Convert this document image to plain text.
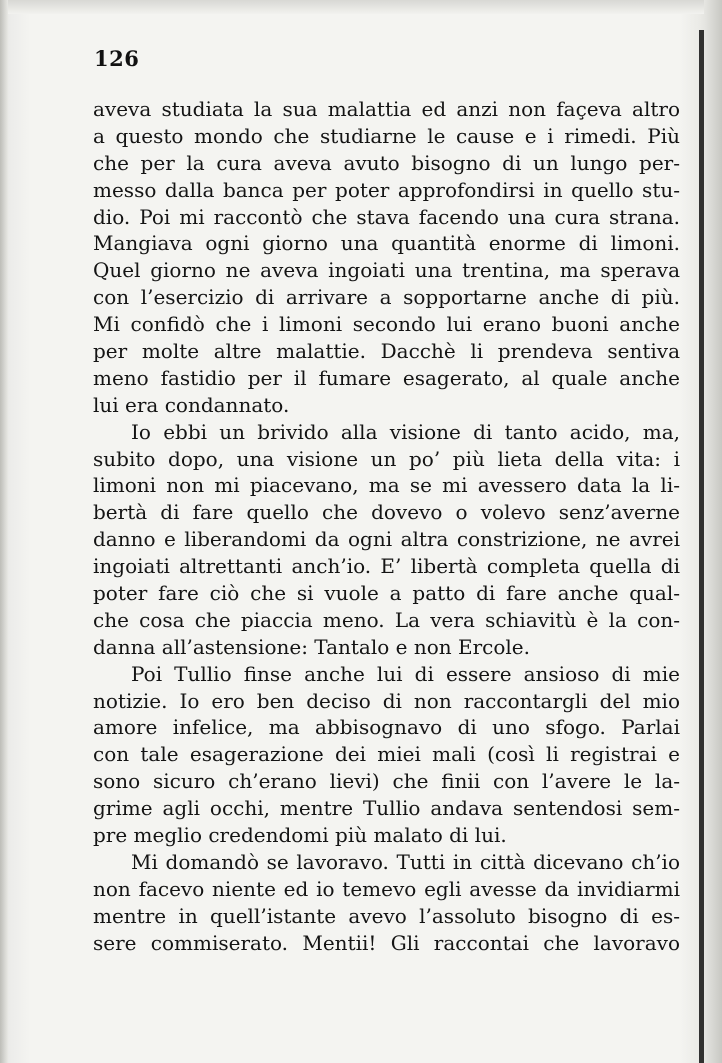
126
aveva studiata la sua malattia ed anzi non façeva altro
a questo mondo che studiarne le cause e i rimedi. Più
che per la cura aveva avuto bisogno di un lungo per-
messo dalla banca per poter approfondirsi in quello stu-
dio. Poi mi raccontò che stava facendo una cura strana.
Mangiava ogni giorno una quantità enorme di limoni.
Quel giorno ne aveva ingoiati una trentina, ma sperava
con l’esercizio di arrivare a sopportarne anche di più.
Mi confidò che i limoni secondo lui erano buoni anche
per molte altre malattie. Dacchè li prendeva sentiva
meno fastidio per il fumare esagerato, al quale anche
lui era condannato.
Io ebbi un brivido alla visione di tanto acido, ma,
subito dopo, una visione un po’ più lieta della vita: i
limoni non mi piacevano, ma se mi avessero data la li-
bertà di fare quello che dovevo o volevo senz’averne
danno e liberandomi da ogni altra constrizione, ne avrei
ingoiati altrettanti anch’io. E’ libertà completa quella di
poter fare ciò che si vuole a patto di fare anche qual-
che cosa che piaccia meno. La vera schiavitù è la con-
danna all’astensione: Tantalo e non Ercole.
Poi Tullio finse anche lui di essere ansioso di mie
notizie. Io ero ben deciso di non raccontargli del mio
amore infelice, ma abbisognavo di uno sfogo. Parlai
con tale esagerazione dei miei mali (così li registrai e
sono sicuro ch’erano lievi) che finii con l’avere le la-
grime agli occhi, mentre Tullio andava sentendosi sem-
pre meglio credendomi più malato di lui.
Mi domandò se lavoravo. Tutti in città dicevano ch’io
non facevo niente ed io temevo egli avesse da invidiarmi
mentre in quell’istante avevo l’assoluto bisogno di es-
sere commiserato. Mentii! Gli raccontai che lavoravo
